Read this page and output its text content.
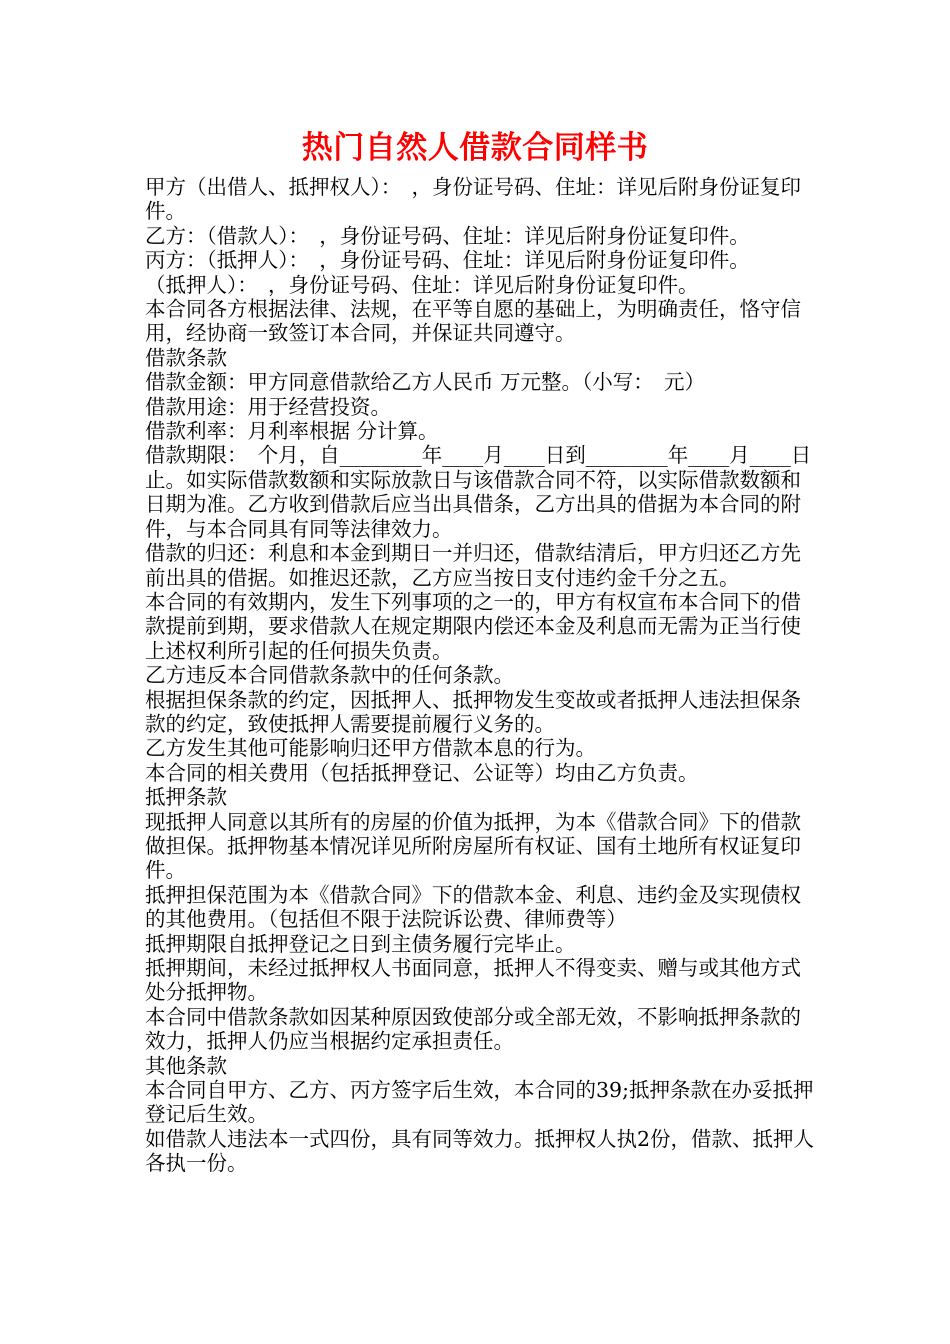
热门自然人借款合同样书

甲方（出借人、抵押权人）：　，身份证号码、住址：详见后附身份证复印件。

乙方：（借款人）：　，身份证号码、住址：详见后附身份证复印件。

丙方：（抵押人）：　，身份证号码、住址：详见后附身份证复印件。

（抵押人）：　，身份证号码、住址：详见后附身份证复印件。

本合同各方根据法律、法规，在平等自愿的基础上，为明确责任，恪守信用，经协商一致签订本合同，并保证共同遵守。

借款条款

借款金额：甲方同意借款给乙方人民币 万元整。（小写：　元）

借款用途：用于经营投资。

借款利率：月利率根据 分计算。

借款期限：　个月，自________年____月____日到________年____月____日止。如实际借款数额和实际放款日与该借款合同不符，以实际借款数额和日期为准。乙方收到借款后应当出具借条，乙方出具的借据为本合同的附件，与本合同具有同等法律效力。

借款的归还：利息和本金到期日一并归还，借款结清后，甲方归还乙方先前出具的借据。如推迟还款，乙方应当按日支付违约金千分之五。

本合同的有效期内，发生下列事项的之一的，甲方有权宣布本合同下的借款提前到期，要求借款人在规定期限内偿还本金及利息而无需为正当行使上述权利所引起的任何损失负责。

乙方违反本合同借款条款中的任何条款。

根据担保条款的约定，因抵押人、抵押物发生变故或者抵押人违法担保条款的约定，致使抵押人需要提前履行义务的。

乙方发生其他可能影响归还甲方借款本息的行为。

本合同的相关费用（包括抵押登记、公证等）均由乙方负责。

抵押条款

现抵押人同意以其所有的房屋的价值为抵押，为本《借款合同》下的借款做担保。抵押物基本情况详见所附房屋所有权证、国有土地所有权证复印件。

抵押担保范围为本《借款合同》下的借款本金、利息、违约金及实现债权的其他费用。（包括但不限于法院诉讼费、律师费等）

抵押期限自抵押登记之日到主债务履行完毕止。

抵押期间，未经过抵押权人书面同意，抵押人不得变卖、赠与或其他方式处分抵押物。

本合同中借款条款如因某种原因致使部分或全部无效，不影响抵押条款的效力，抵押人仍应当根据约定承担责任。

其他条款

本合同自甲方、乙方、丙方签字后生效，本合同的39;抵押条款在办妥抵押登记后生效。

如借款人违法本一式四份，具有同等效力。抵押权人执2份，借款、抵押人各执一份。
